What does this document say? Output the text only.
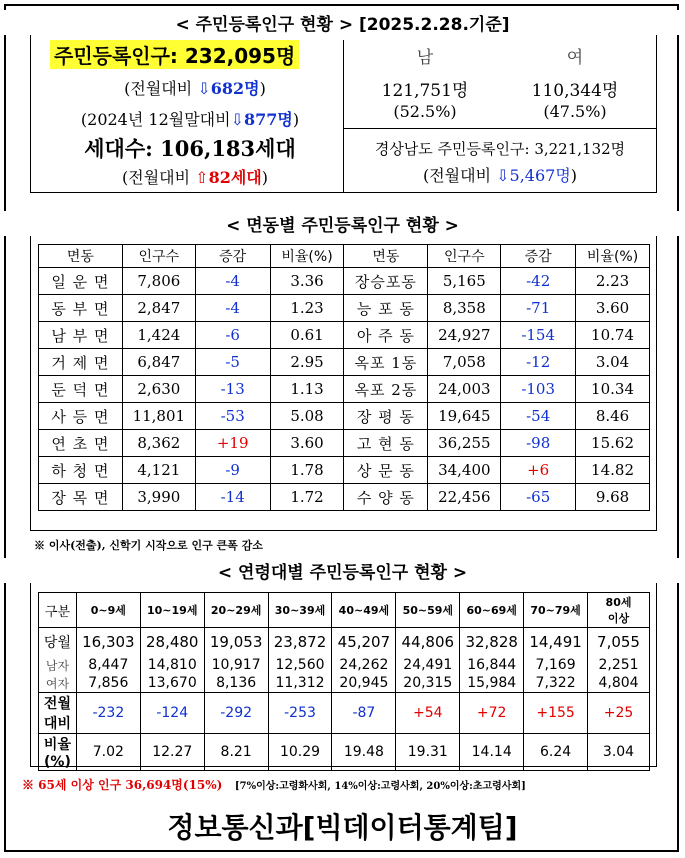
< 주민등록인구 현황 > [2025.2.28.기준]
주민등록인구: 232,095명
(전월대비 ⇩682명)
(2024년 12월말대비⇩877명)
세대수: 106,183세대
(전월대비 ⇧82세대)
남	여
121,751명	110,344명
(52.5%)	(47.5%)
경상남도 주민등록인구: 3,221,132명
(전월대비 ⇩5,467명)
< 면동별 주민등록인구 현황 >
면동	인구수	증감	비율(%)	면동	인구수	증감	비율(%)
일 운 면	7,806	-4	3.36	장승포동	5,165	-42	2.23
동 부 면	2,847	-4	1.23	능 포 동	8,358	-71	3.60
남 부 면	1,424	-6	0.61	아 주 동	24,927	-154	10.74
거 제 면	6,847	-5	2.95	옥포 1동	7,058	-12	3.04
둔 덕 면	2,630	-13	1.13	옥포 2동	24,003	-103	10.34
사 등 면	11,801	-53	5.08	장 평 동	19,645	-54	8.46
연 초 면	8,362	+19	3.60	고 현 동	36,255	-98	15.62
하 청 면	4,121	-9	1.78	상 문 동	34,400	+6	14.82
장 목 면	3,990	-14	1.72	수 양 동	22,456	-65	9.68
※ 이사(전출), 신학기 시작으로 인구 큰폭 감소
< 연령대별 주민등록인구 현황 >
구분	0~9세	10~19세	20~29세	30~39세	40~49세	50~59세	60~69세	70~79세	80세
이상
당월	16,303	28,480	19,053	23,872	45,207	44,806	32,828	14,491	7,055
남자	8,447	14,810	10,917	12,560	24,262	24,491	16,844	7,169	2,251
여자	7,856	13,670	8,136	11,312	20,945	20,315	15,984	7,322	4,804
전월
대비	-232	-124	-292	-253	-87	+54	+72	+155	+25
비율
(%)	7.02	12.27	8.21	10.29	19.48	19.31	14.14	6.24	3.04
※ 65세 이상 인구 36,694명(15%) [7%이상:고령화사회, 14%이상:고령사회, 20%이상:초고령사회]
정보통신과[빅데이터통계팀]
